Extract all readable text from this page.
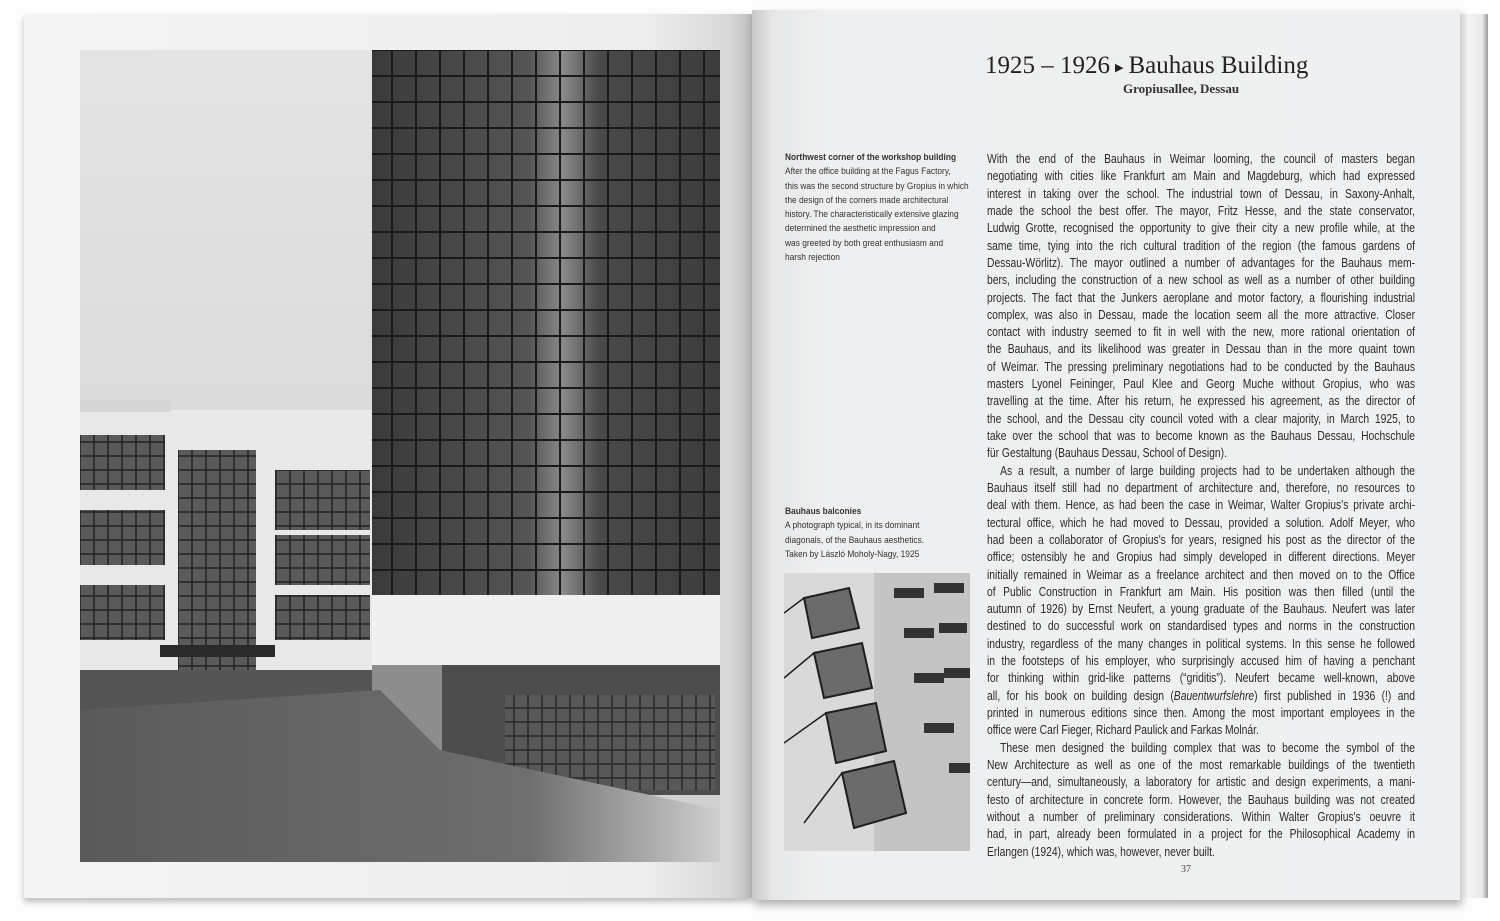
1925 – 1926 ▶ Bauhaus Building
Gropiusallee, Dessau
Northwest corner of the workshop building
After the office building at the Fagus Factory,
this was the second structure by Gropius in which
the design of the corners made architectural
history. The characteristically extensive glazing
determined the aesthetic impression and
was greeted by both great enthusiasm and
harsh rejection
Bauhaus balconies
A photograph typical, in its dominant
diagonals, of the Bauhaus aesthetics.
Taken by László Moholy-Nagy, 1925
With the end of the Bauhaus in Weimar looming, the council of masters began
negotiating with cities like Frankfurt am Main and Magdeburg, which had expressed
interest in taking over the school. The industrial town of Dessau, in Saxony-Anhalt,
made the school the best offer. The mayor, Fritz Hesse, and the state conservator,
Ludwig Grotte, recognised the opportunity to give their city a new profile while, at the
same time, tying into the rich cultural tradition of the region (the famous gardens of
Dessau-Wörlitz). The mayor outlined a number of advantages for the Bauhaus mem-
bers, including the construction of a new school as well as a number of other building
projects. The fact that the Junkers aeroplane and motor factory, a flourishing industrial
complex, was also in Dessau, made the location seem all the more attractive. Closer
contact with industry seemed to fit in well with the new, more rational orientation of
the Bauhaus, and its likelihood was greater in Dessau than in the more quaint town
of Weimar. The pressing preliminary negotiations had to be conducted by the Bauhaus
masters Lyonel Feininger, Paul Klee and Georg Muche without Gropius, who was
travelling at the time. After his return, he expressed his agreement, as the director of
the school, and the Dessau city council voted with a clear majority, in March 1925, to
take over the school that was to become known as the Bauhaus Dessau, Hochschule
für Gestaltung (Bauhaus Dessau, School of Design).
As a result, a number of large building projects had to be undertaken although the
Bauhaus itself still had no department of architecture and, therefore, no resources to
deal with them. Hence, as had been the case in Weimar, Walter Gropius's private archi-
tectural office, which he had moved to Dessau, provided a solution. Adolf Meyer, who
had been a collaborator of Gropius's for years, resigned his post as the director of the
office; ostensibly he and Gropius had simply developed in different directions. Meyer
initially remained in Weimar as a freelance architect and then moved on to the Office
of Public Construction in Frankfurt am Main. His position was then filled (until the
autumn of 1926) by Ernst Neufert, a young graduate of the Bauhaus. Neufert was later
destined to do successful work on standardised types and norms in the construction
industry, regardless of the many changes in political systems. In this sense he followed
in the footsteps of his employer, who surprisingly accused him of having a penchant
for thinking within grid-like patterns (“griditis”). Neufert became well-known, above
all, for his book on building design (Bauentwurfslehre) first published in 1936 (!) and
printed in numerous editions since then. Among the most important employees in the
office were Carl Fieger, Richard Paulick and Farkas Molnár.
These men designed the building complex that was to become the symbol of the
New Architecture as well as one of the most remarkable buildings of the twentieth
century—and, simultaneously, a laboratory for artistic and design experiments, a mani-
festo of architecture in concrete form. However, the Bauhaus building was not created
without a number of preliminary considerations. Within Walter Gropius's oeuvre it
had, in part, already been formulated in a project for the Philosophical Academy in
Erlangen (1924), which was, however, never built.
37
